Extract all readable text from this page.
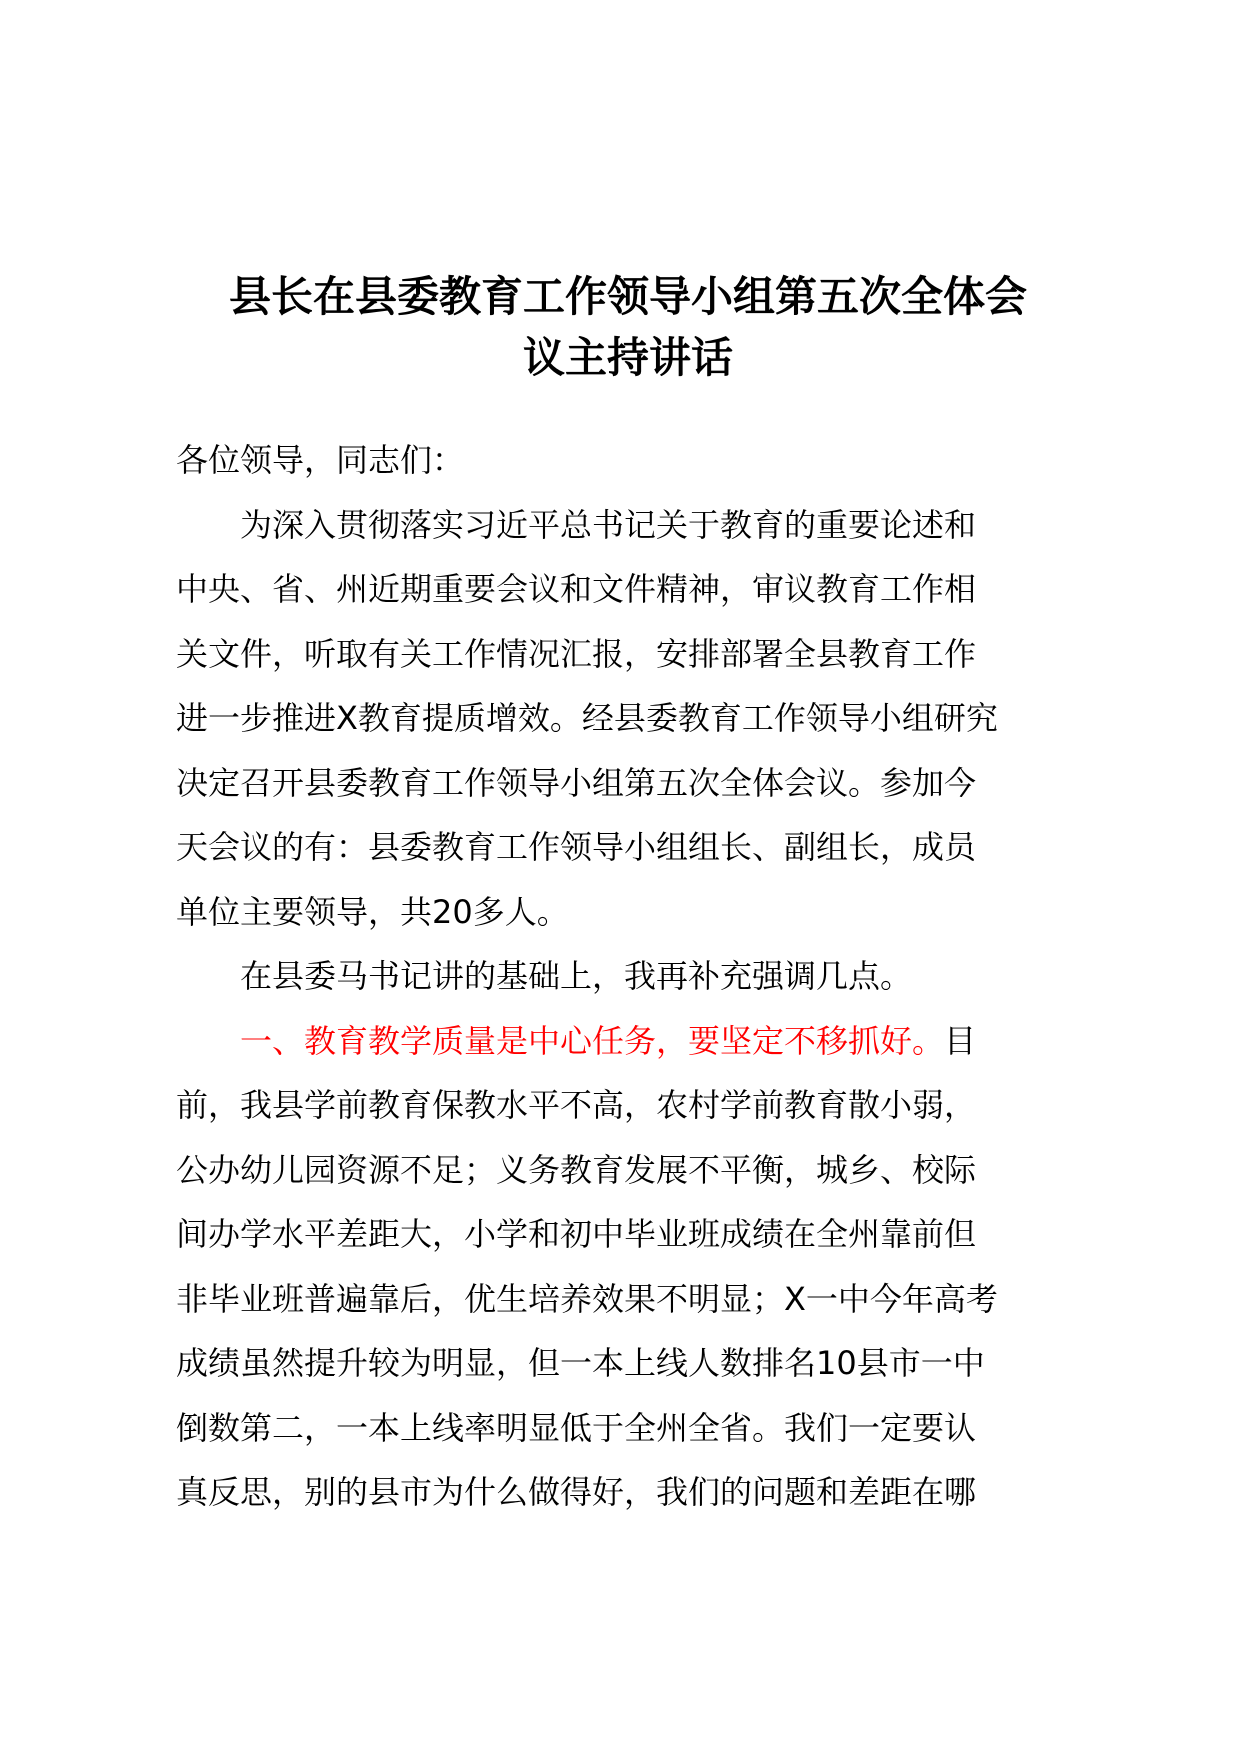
县长在县委教育工作领导小组第五次全体会
议主持讲话
各位领导，同志们：
为深入贯彻落实习近平总书记关于教育的重要论述和
中央、省、州近期重要会议和文件精神，审议教育工作相
关文件，听取有关工作情况汇报，安排部署全县教育工作
进一步推进X教育提质增效。经县委教育工作领导小组研究
决定召开县委教育工作领导小组第五次全体会议。参加今
天会议的有：县委教育工作领导小组组长、副组长，成员
单位主要领导，共20多人。
在县委马书记讲的基础上，我再补充强调几点。
一、教育教学质量是中心任务，要坚定不移抓好。目
前，我县学前教育保教水平不高，农村学前教育散小弱，
公办幼儿园资源不足；义务教育发展不平衡，城乡、校际
间办学水平差距大，小学和初中毕业班成绩在全州靠前但
非毕业班普遍靠后，优生培养效果不明显；X一中今年高考
成绩虽然提升较为明显，但一本上线人数排名10县市一中
倒数第二，一本上线率明显低于全州全省。我们一定要认
真反思，别的县市为什么做得好，我们的问题和差距在哪
